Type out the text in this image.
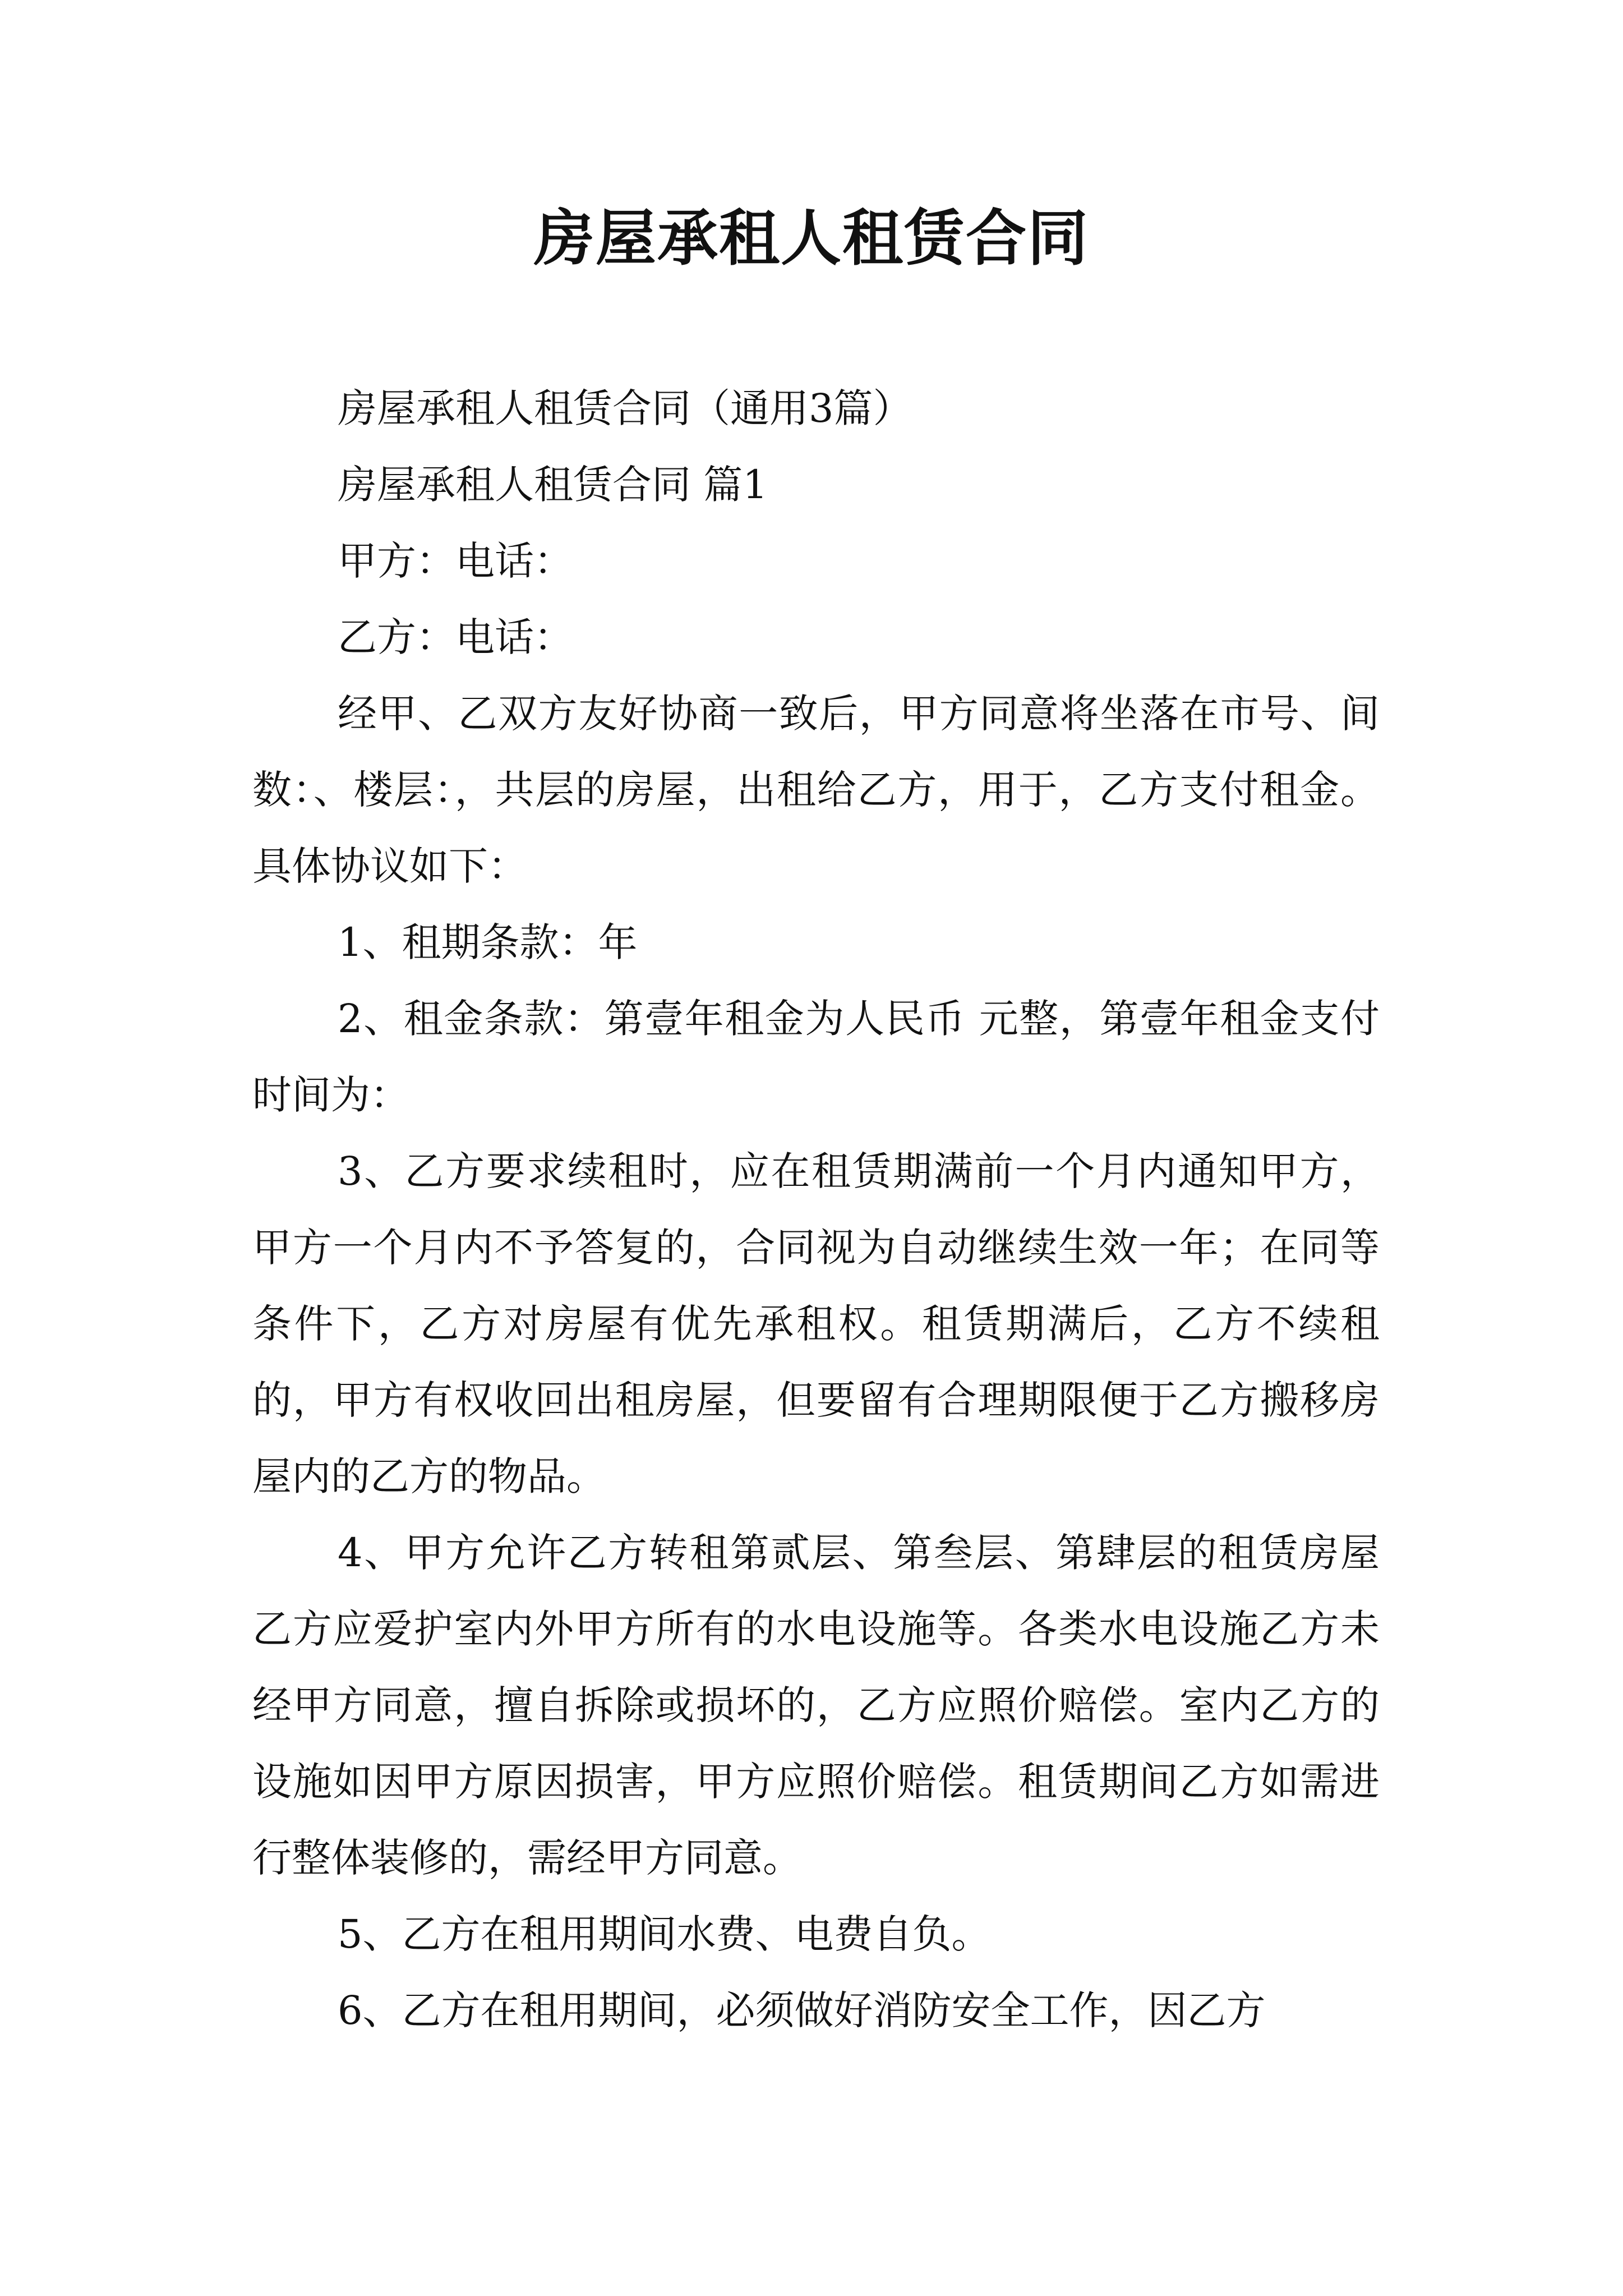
房屋承租人租赁合同

房屋承租人租赁合同（通用3篇）

房屋承租人租赁合同 篇1

甲方：电话：

乙方：电话：

经甲、乙双方友好协商一致后，甲方同意将坐落在市号、间数：、楼层：，共层的房屋，出租给乙方，用于，乙方支付租金。具体协议如下：

1、租期条款：年

2、租金条款：第壹年租金为人民币 元整，第壹年租金支付时间为：

3、乙方要求续租时，应在租赁期满前一个月内通知甲方，甲方一个月内不予答复的，合同视为自动继续生效一年；在同等条件下，乙方对房屋有优先承租权。租赁期满后，乙方不续租的，甲方有权收回出租房屋，但要留有合理期限便于乙方搬移房屋内的乙方的物品。

4、甲方允许乙方转租第贰层、第叁层、第肆层的租赁房屋乙方应爱护室内外甲方所有的水电设施等。各类水电设施乙方未经甲方同意，擅自拆除或损坏的，乙方应照价赔偿。室内乙方的设施如因甲方原因损害，甲方应照价赔偿。租赁期间乙方如需进行整体装修的，需经甲方同意。

5、乙方在租用期间水费、电费自负。

6、乙方在租用期间，必须做好消防安全工作，因乙方
